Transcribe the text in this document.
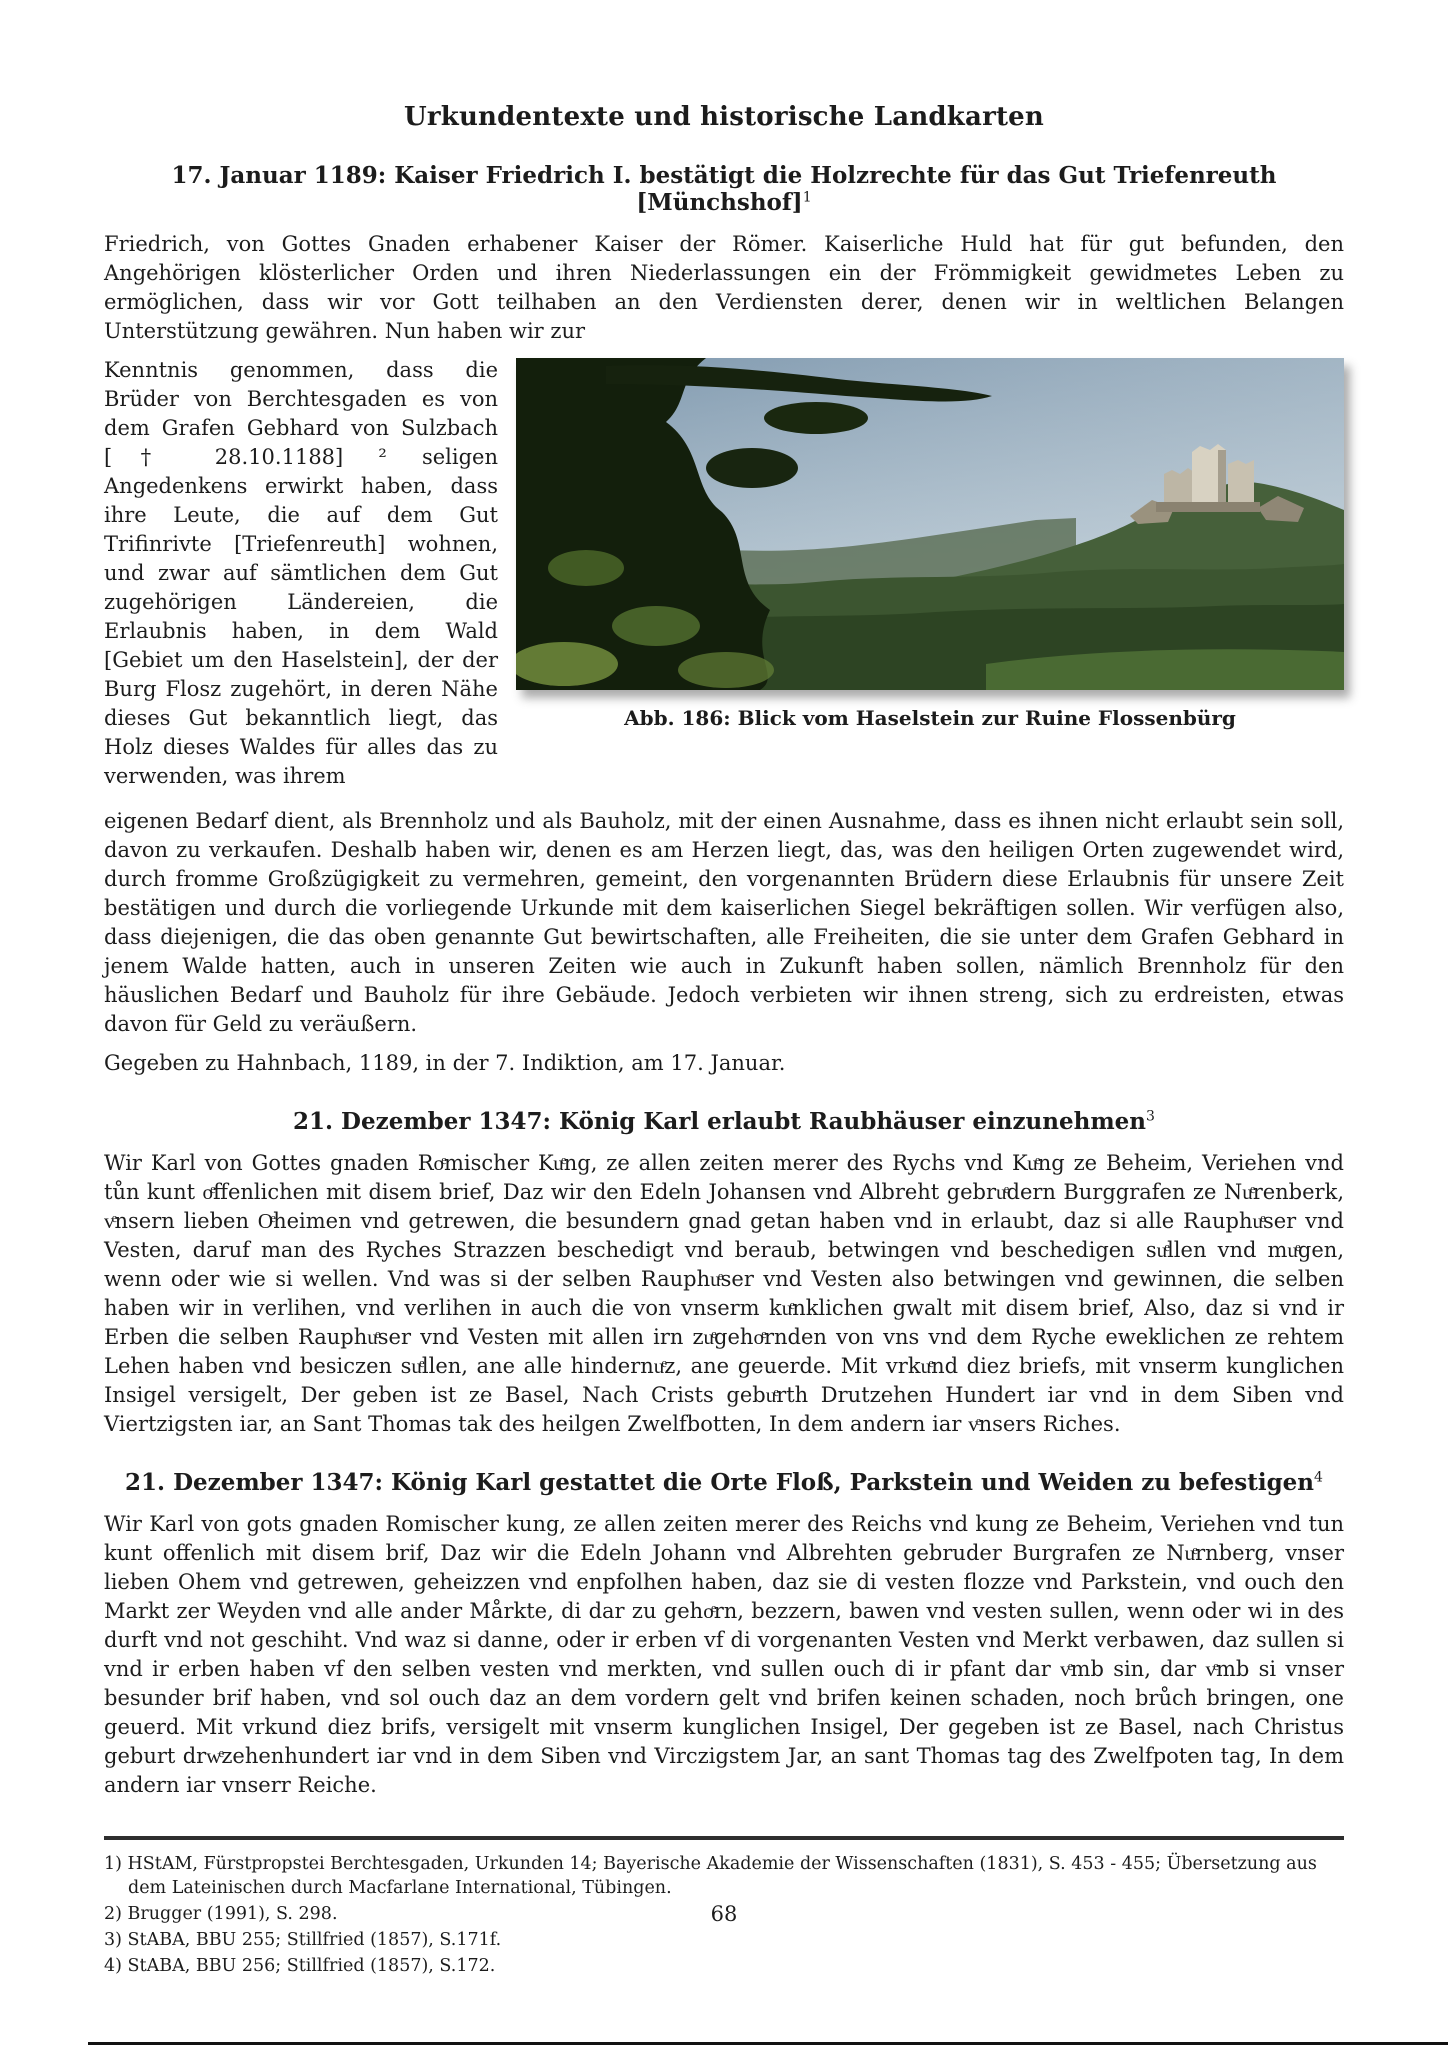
Urkundentexte und historische Landkarten
17. Januar 1189: Kaiser Friedrich I. bestätigt die Holzrechte für das Gut Triefenreuth [Münchshof]$^1$

Friedrich, von Gottes Gnaden erhabener Kaiser der Römer. Kaiserliche Huld hat für gut befunden, den Angehörigen klösterlicher Orden und ihren Niederlassungen ein der Frömmigkeit gewidmetes Leben zu ermöglichen, dass wir vor Gott teilhaben an den Verdiensten derer, denen wir in weltlichen Belangen Unterstützung gewähren. Nun haben wir zur

Abb. 186: Blick vom Haselstein zur Ruine Flossenbürg

Kenntnis genommen, dass die Brüder von Berchtesgaden es von dem Grafen Gebhard von Sulzbach [† 28.10.1188] ² seligen Angedenkens erwirkt haben, dass ihre Leute, die auf dem Gut Trifinrivte [Triefenreuth] wohnen, und zwar auf sämtlichen dem Gut zugehörigen Ländereien, die Erlaubnis haben, in dem Wald [Gebiet um den Haselstein], der der Burg Flosz zugehört, in deren Nähe dieses Gut bekanntlich liegt, das Holz dieses Waldes für alles das zu verwenden, was ihrem

eigenen Bedarf dient, als Brennholz und als Bauholz, mit der einen Ausnahme, dass es ihnen nicht erlaubt sein soll, davon zu verkaufen. Deshalb haben wir, denen es am Herzen liegt, das, was den heiligen Orten zugewendet wird, durch fromme Großzügigkeit zu vermehren, gemeint, den vorgenannten Brüdern diese Erlaubnis für unsere Zeit bestätigen und durch die vorliegende Urkunde mit dem kaiserlichen Siegel bekräftigen sollen. Wir verfügen also, dass diejenigen, die das oben genannte Gut bewirtschaften, alle Freiheiten, die sie unter dem Grafen Gebhard in jenem Walde hatten, auch in unseren Zeiten wie auch in Zukunft haben sollen, nämlich Brennholz für den häuslichen Bedarf und Bauholz für ihre Gebäude. Jedoch verbieten wir ihnen streng, sich zu erdreisten, etwas davon für Geld zu veräußern.

Gegeben zu Hahnbach, 1189, in der 7. Indiktion, am 17. Januar.

21. Dezember 1347: König Karl erlaubt Raubhäuser einzunehmen$^3$

Wir Karl von Gottes gnaden Roͤmischer Kuͤng, ze allen zeiten merer des Rychs vnd Kuͤng ze Beheim, Veriehen vnd tůn kunt oͤffenlichen mit disem brief, Daz wir den Edeln Johansen vnd Albreht gebruͤdern Burggrafen ze Nuͤrenberk, vͤnsern lieben Oͤheimen vnd getrewen, die besundern gnad getan haben vnd in erlaubt, daz si alle Rauphuͤser vnd Vesten, daruf man des Ryches Strazzen beschedigt vnd beraub, betwingen vnd beschedigen suͤllen vnd muͤgen, wenn oder wie si wellen. Vnd was si der selben Rauphuͤser vnd Vesten also betwingen vnd gewinnen, die selben haben wir in verlihen, vnd verlihen in auch die von vnserm kuͤnklichen gwalt mit disem brief, Also, daz si vnd ir Erben die selben Rauphuͤser vnd Vesten mit allen irn zuͤgehoͤrnden von vns vnd dem Ryche eweklichen ze rehtem Lehen haben vnd besiczen suͤllen, ane alle hindernuͤz, ane geuerde. Mit vrkuͤnd diez briefs, mit vnserm kunglichen Insigel versigelt, Der geben ist ze Basel, Nach Crists gebuͤrth Drutzehen Hundert iar vnd in dem Siben vnd Viertzigsten iar, an Sant Thomas tak des heilgen Zwelfbotten, In dem andern iar vͤnsers Riches.

21. Dezember 1347: König Karl gestattet die Orte Floß, Parkstein und Weiden zu befestigen$^4$

Wir Karl von gots gnaden Romischer kung, ze allen zeiten merer des Reichs vnd kung ze Beheim, Veriehen vnd tun kunt offenlich mit disem brif, Daz wir die Edeln Johann vnd Albrehten gebruder Burgrafen ze Nuͤrnberg, vnser lieben Ohem vnd getrewen, geheizzen vnd enpfolhen haben, daz sie di vesten flozze vnd Parkstein, vnd ouch den Markt zer Weyden vnd alle ander Mårkte, di dar zu gehoͤrn, bezzern, bawen vnd vesten sullen, wenn oder wi in des durft vnd not geschiht. Vnd waz si danne, oder ir erben vf di vorgenanten Vesten vnd Merkt verbawen, daz sullen si vnd ir erben haben vf den selben vesten vnd merkten, vnd sullen ouch di ir pfant dar vͤmb sin, dar vͤmb si vnser besunder brif haben, vnd sol ouch daz an dem vordern gelt vnd brifen keinen schaden, noch brůch bringen, one geuerd. Mit vrkund diez brifs, versigelt mit vnserm kunglichen Insigel, Der gegeben ist ze Basel, nach Christus geburt drwͤzehenhundert iar vnd in dem Siben vnd Virczigstem Jar, an sant Thomas tag des Zwelfpoten tag, In dem andern iar vnserr Reiche.

1) HStAM, Fürstpropstei Berchtesgaden, Urkunden 14; Bayerische Akademie der Wissenschaften (1831), S. 453 - 455; Übersetzung aus dem Lateinischen durch Macfarlane International, Tübingen.
2) Brugger (1991), S. 298.
3) StABA, BBU 255; Stillfried (1857), S.171f.
4) StABA, BBU 256; Stillfried (1857), S.172.
68
